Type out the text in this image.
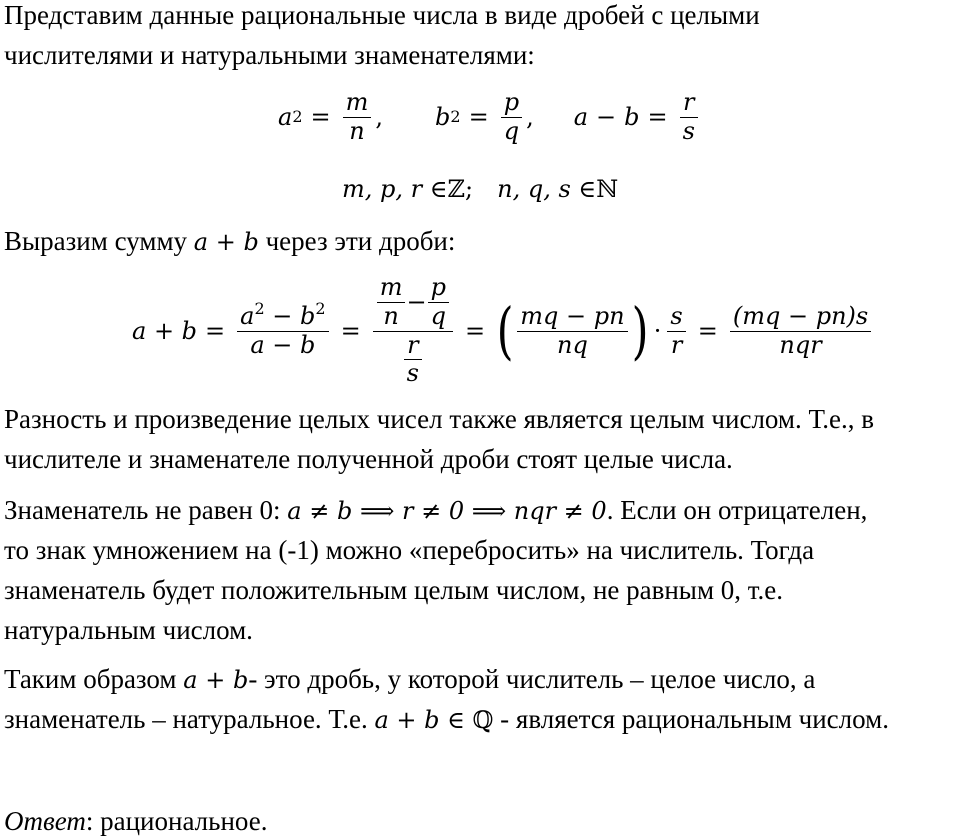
Представим данные рациональные числа в виде дробей с целыми
числителями и натуральными знаменателями:
a $2 = \frac{m}{n}$ , b $2 = \frac{p}{q}$ , $a - b = \frac{r}{s}$
m, p, r ∈ ℤ ; n, q, s ∈ ℕ
Выразим сумму a + b через эти дроби:
$a + b = \frac{a^2 - b^2}{a - b}$ =
$\frac{m}{n} - \frac{p}{q}$
$\frac{r}{s}$
= ( $\frac{mq - pn}{nq}$ ) · $\frac{s}{r} = \frac{(mq - pn)s}{\text{nqr}}$
Разность и произведение целых чисел также является целым числом. Т.е., в
числителе и знаменателе полученной дроби стоят целые числа.
Знаменатель не равен 0: a ≠ b ⟹ r ≠ 0 ⟹ nqr ≠ 0. Если он отрицателен,
то знак умножением на (-1) можно «перебросить» на числитель. Тогда
знаменатель будет положительным целым числом, не равным 0, т.е.
натуральным числом.
Таким образом a + b- это дробь, у которой числитель – целое число, а
знаменатель – натуральное. Т.е. a + b ∈ ℚ - является рациональным числом.
Ответ: рациональное.
